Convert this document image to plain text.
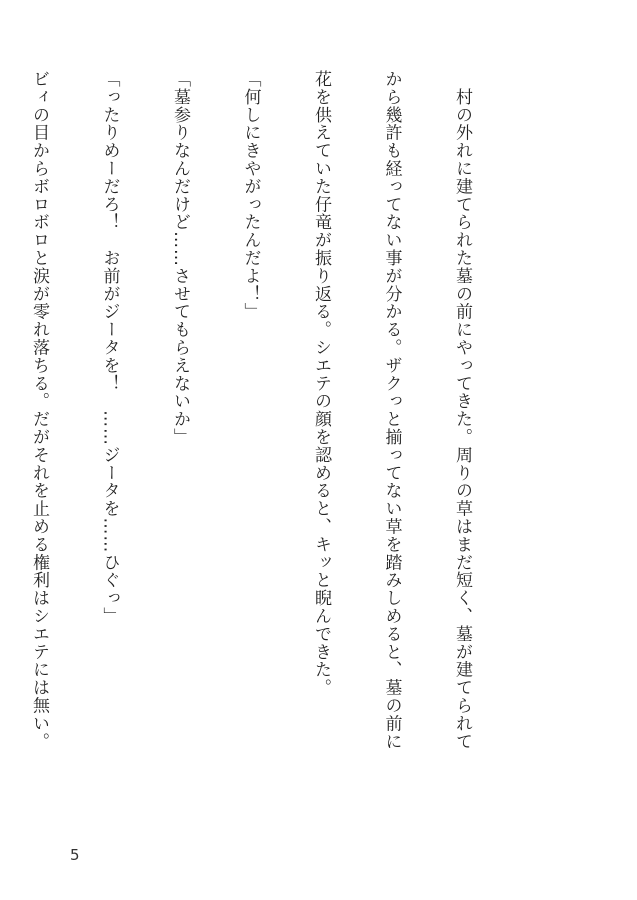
　村の外れに建てられた墓の前にやってきた。周りの草はまだ短く、墓が建てられて

から幾許も経ってない事が分かる。ザクっと揃ってない草を踏みしめると、墓の前に

花を供えていた仔竜が振り返る。シエテの顔を認めると、キッと睨んできた。

「何しにきやがったんだよ！」

「墓参りなんだけど……させてもらえないか」

「ったりめーだろ！　お前がジータを！　……ジータを……ひぐっ」

ビィの目からボロボロと涙が零れ落ちる。だがそれを止める権利はシエテには無い。

5
